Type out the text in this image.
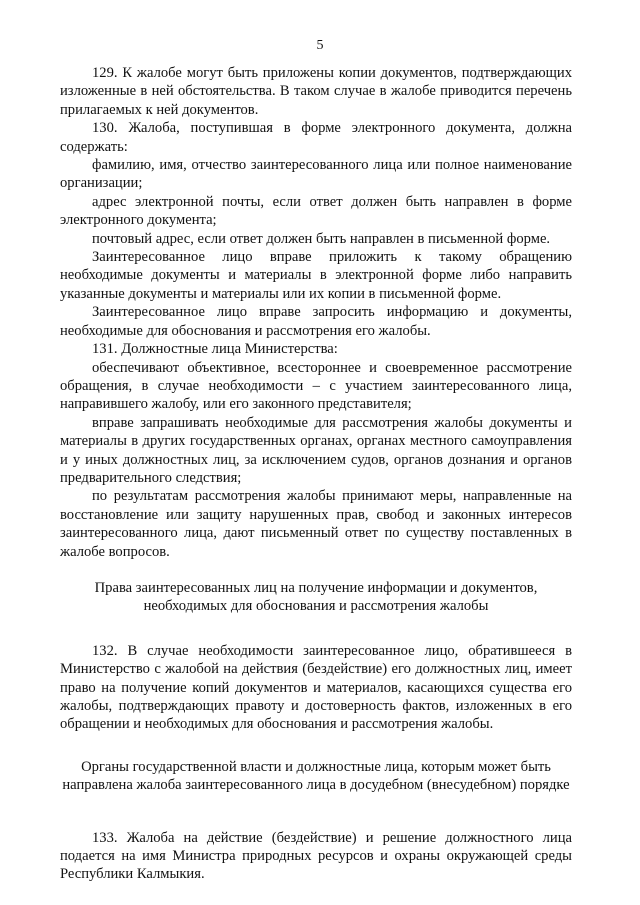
5

129. К жалобе могут быть приложены копии документов, подтверждающих изложенные в ней обстоятельства. В таком случае в жалобе приводится перечень прилагаемых к ней документов.

130. Жалоба, поступившая в форме электронного документа, должна содержать:

фамилию, имя, отчество заинтересованного лица или полное наименование организации;

адрес электронной почты, если ответ должен быть направлен в форме электронного документа;

почтовый адрес, если ответ должен быть направлен в письменной форме.

Заинтересованное лицо вправе приложить к такому обращению необходимые документы и материалы в электронной форме либо направить указанные документы и материалы или их копии в письменной форме.

Заинтересованное лицо вправе запросить информацию и документы, необходимые для обоснования и рассмотрения его жалобы.

131. Должностные лица Министерства:

обеспечивают объективное, всестороннее и своевременное рассмотрение обращения, в случае необходимости – с участием заинтересованного лица, направившего жалобу, или его законного представителя;

вправе запрашивать необходимые для рассмотрения жалобы документы и материалы в других государственных органах, органах местного самоуправления и у иных должностных лиц, за исключением судов, органов дознания и органов предварительного следствия;

по результатам рассмотрения жалобы принимают меры, направленные на восстановление или защиту нарушенных прав, свобод и законных интересов заинтересованного лица, дают письменный ответ по существу поставленных в жалобе вопросов.

Права заинтересованных лиц на получение информации и документов, необходимых для обоснования и рассмотрения жалобы

132. В случае необходимости заинтересованное лицо, обратившееся в Министерство с жалобой на действия (бездействие) его должностных лиц, имеет право на получение копий документов и материалов, касающихся существа его жалобы, подтверждающих правоту и достоверность фактов, изложенных в его обращении и необходимых для обоснования и рассмотрения жалобы.

Органы государственной власти и должностные лица, которым может быть направлена жалоба заинтересованного лица в досудебном (внесудебном) порядке

133. Жалоба на действие (бездействие) и решение должностного лица подается на имя Министра природных ресурсов и охраны окружающей среды Республики Калмыкия.
